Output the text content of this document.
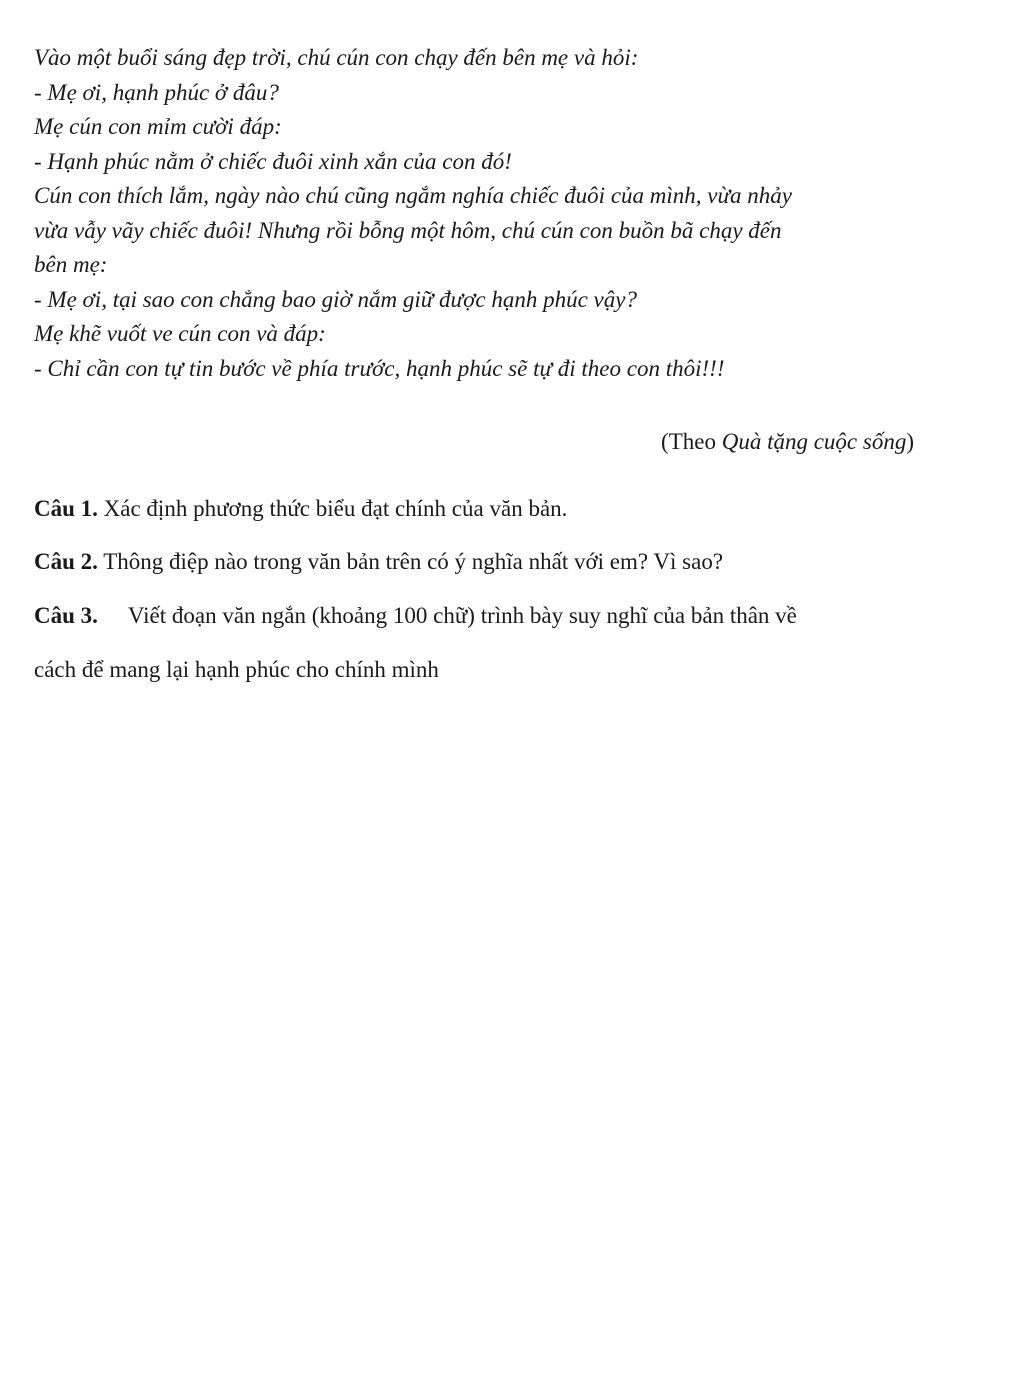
Vào một buổi sáng đẹp trời, chú cún con chạy đến bên mẹ và hỏi:
- Mẹ ơi, hạnh phúc ở đâu?
Mẹ cún con mỉm cười đáp:
- Hạnh phúc nằm ở chiếc đuôi xinh xắn của con đó!
Cún con thích lắm, ngày nào chú cũng ngắm nghía chiếc đuôi của mình, vừa nhảy
vừa vẫy vãy chiếc đuôi! Nhưng rồi bỗng một hôm, chú cún con buồn bã chạy đến
bên mẹ:
- Mẹ ơi, tại sao con chẳng bao giờ nắm giữ được hạnh phúc vậy?
Mẹ khẽ vuốt ve cún con và đáp:
- Chỉ cần con tự tin bước về phía trước, hạnh phúc sẽ tự đi theo con thôi!!!
(Theo Quà tặng cuộc sống)
Câu 1. Xác định phương thức biểu đạt chính của văn bản.
Câu 2. Thông điệp nào trong văn bản trên có ý nghĩa nhất với em? Vì sao?
Câu 3. Viết đoạn văn ngắn (khoảng 100 chữ) trình bày suy nghĩ của bản thân về
cách để mang lại hạnh phúc cho chính mình
